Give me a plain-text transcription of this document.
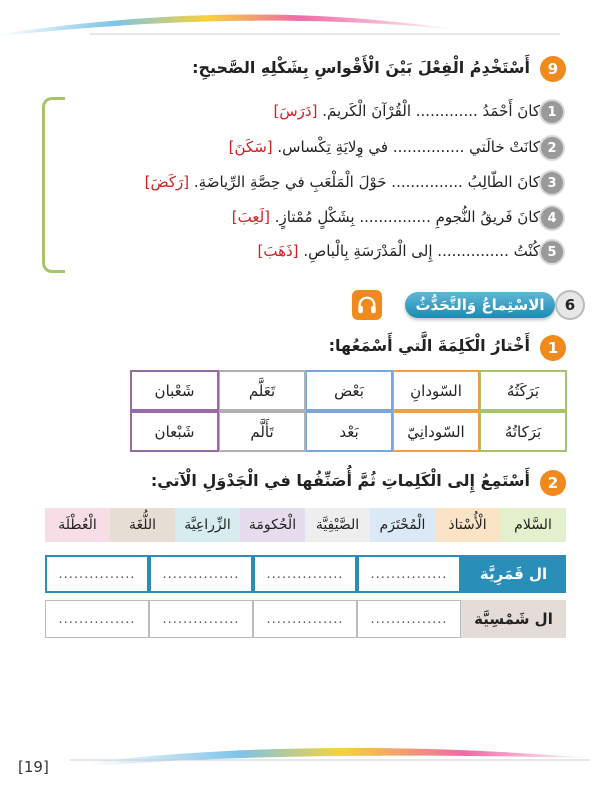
9
أَسْتَخْدِمُ الْفِعْلَ بَيْنَ الْأَقْواسِ بِشَكْلِهِ الصَّحيحِ:
1
كانَ أَحْمَدُ ............. الْقُرْآنَ الْكَريمَ. [دَرَسَ]
2
كانَتْ خالَتي ............... في وِلايَةِ تِكْساس. [سَكَنَ]
3
كانَ الطّالِبُ ............... حَوْلَ الْمَلْعَبِ في حِصَّةِ الرِّياضَةِ. [رَكَضَ]
4
كانَ فَريقُ النُّجومِ ............... بِشَكْلٍ مُمْتازٍ. [لَعِبَ]
5
كُنْتُ ............... إِلى الْمَدْرَسَةِ بِالْباصِ. [ذَهَبَ]
الاسْتِماعُ وَالتَّحَدُّثُ	6
1
أَخْتارُ الْكَلِمَةَ الَّتي أَسْمَعُها:
بَرَكَتُهُ
بَرَكاتُهُ
السّودانِ
السّودانِيّ
بَعْض
بَعْد
تَعَلَّم
تَأَلَّم
شَعْبان
شَبْعان
2
أَسْتَمِعُ إِلى الْكَلِماتِ ثُمَّ أُصَنِّفُها في الْجَدْوَلِ الْآتي:
السَّلام
الْأُسْتاذ
الْمُحْتَرَم
الصَّيْفِيَّة
الْحُكومَة
الزِّراعِيَّة
اللُّغَة
الْعُطْلَة
ال قَمَرِيَّة
...............
...............
...............
...............
ال شَمْسِيَّة
...............
...............
...............
...............
[19]
